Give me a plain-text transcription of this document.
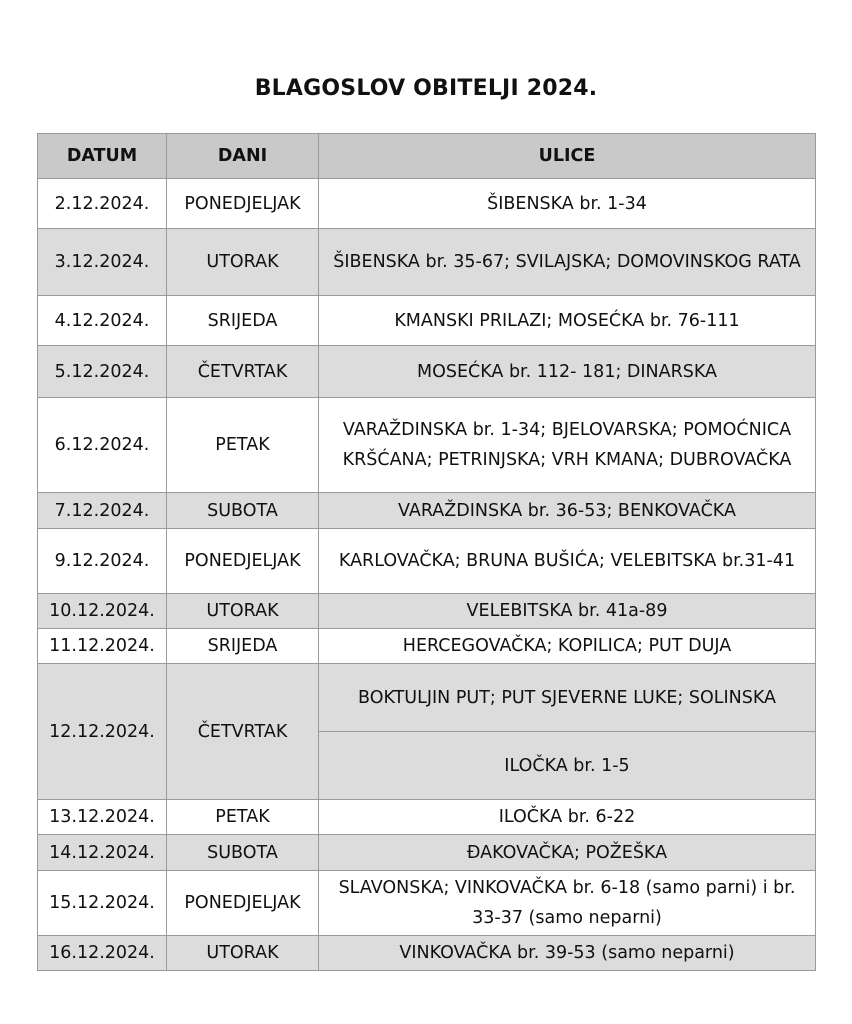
BLAGOSLOV OBITELJI 2024.
DATUM	DANI	ULICE
2.12.2024.	PONEDJELJAK	ŠIBENSKA br. 1-34
3.12.2024.	UTORAK	ŠIBENSKA br. 35-67; SVILAJSKA; DOMOVINSKOG RATA
4.12.2024.	SRIJEDA	KMANSKI PRILAZI; MOSEĆKA br. 76-111
5.12.2024.	ČETVRTAK	MOSEĆKA br. 112- 181; DINARSKA
6.12.2024.	PETAK	VARAŽDINSKA br. 1-34; BJELOVARSKA; POMOĆNICA KRŠĆANA; PETRINJSKA; VRH KMANA; DUBROVAČKA
7.12.2024.	SUBOTA	VARAŽDINSKA br. 36-53; BENKOVAČKA
9.12.2024.	PONEDJELJAK	KARLOVAČKA; BRUNA BUŠIĆA; VELEBITSKA br.31-41
10.12.2024.	UTORAK	VELEBITSKA br. 41a-89
11.12.2024.	SRIJEDA	HERCEGOVAČKA; KOPILICA; PUT DUJA
12.12.2024.	ČETVRTAK	BOKTULJIN PUT; PUT SJEVERNE LUKE; SOLINSKA
		ILOČKA br. 1-5
13.12.2024.	PETAK	ILOČKA br. 6-22
14.12.2024.	SUBOTA	ĐAKOVAČKA; POŽEŠKA
15.12.2024.	PONEDJELJAK	SLAVONSKA; VINKOVAČKA br. 6-18 (samo parni) i br. 33-37 (samo neparni)
16.12.2024.	UTORAK	VINKOVAČKA br. 39-53 (samo neparni)
